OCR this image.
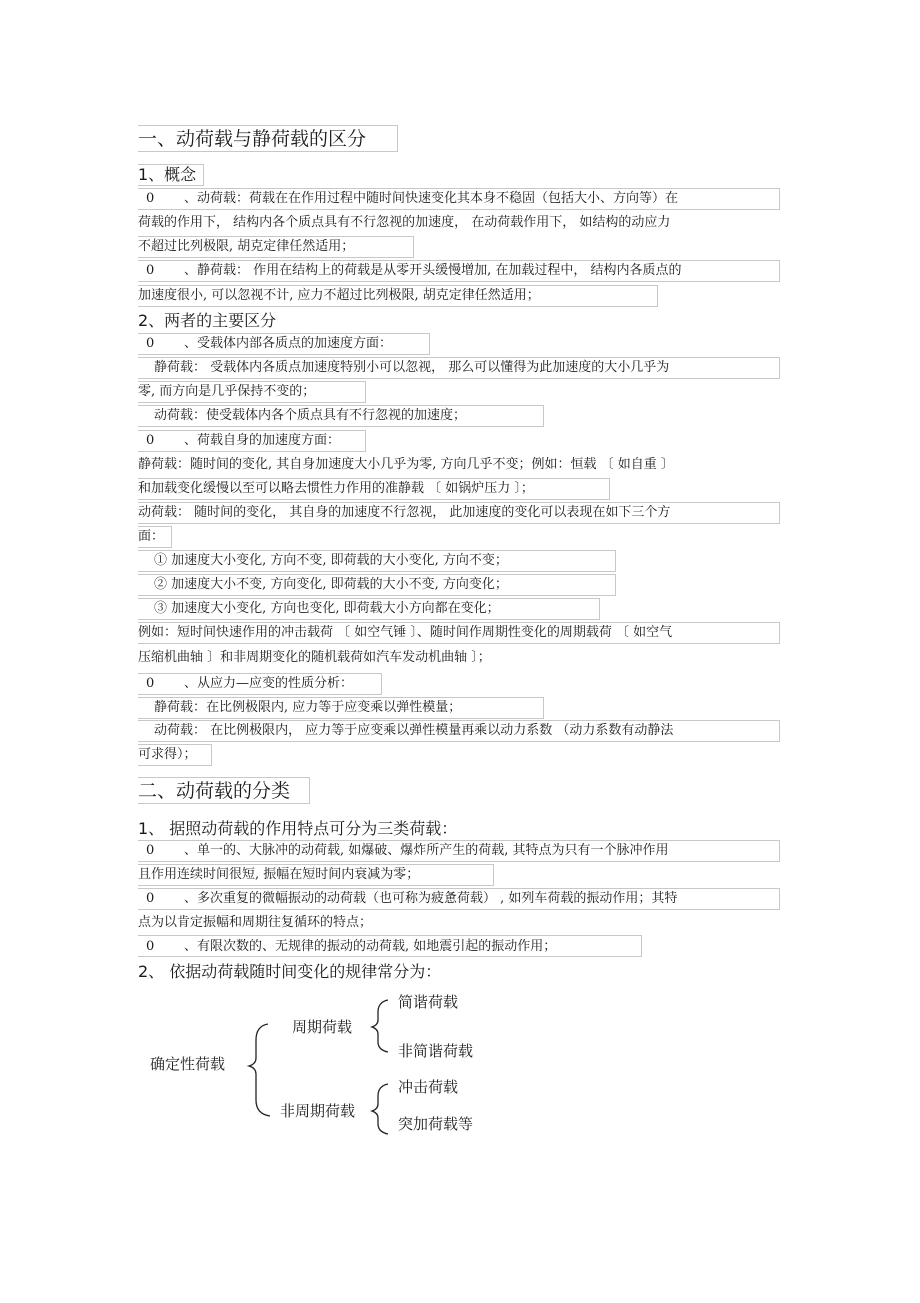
一、动荷载与静荷载的区分
1、概念
0 、动荷载：荷载在在作用过程中随时间快速变化其本身不稳固（包括大小、方向等）在
荷载的作用下， 结构内各个质点具有不行忽视的加速度， 在动荷载作用下， 如结构的动应力
不超过比列极限, 胡克定律任然适用；
0 、静荷载： 作用在结构上的荷载是从零开头缓慢增加, 在加载过程中， 结构内各质点的
加速度很小, 可以忽视不计, 应力不超过比列极限, 胡克定律任然适用；
2、两者的主要区分
0 、受载体内部各质点的加速度方面：
静荷载： 受载体内各质点加速度特别小可以忽视， 那么可以懂得为此加速度的大小几乎为
零, 而方向是几乎保持不变的；
动荷载：使受载体内各个质点具有不行忽视的加速度；
0 、荷载自身的加速度方面：
静荷载：随时间的变化, 其自身加速度大小几乎为零, 方向几乎不变；例如：恒载 〔 如自重 〕
和加载变化缓慢以至可以略去惯性力作用的准静载 〔 如锅炉压力 〕；
动荷载： 随时间的变化， 其自身的加速度不行忽视， 此加速度的变化可以表现在如下三个方
面：
① 加速度大小变化, 方向不变, 即荷载的大小变化, 方向不变；
② 加速度大小不变, 方向变化, 即荷载的大小不变, 方向变化；
③ 加速度大小变化, 方向也变化, 即荷载大小方向都在变化；
例如：短时间快速作用的冲击载荷 〔 如空气锤 〕、随时间作周期性变化的周期载荷 〔 如空气
压缩机曲轴 〕和非周期变化的随机载荷如汽车发动机曲轴 〕；
0 、从应力—应变的性质分析：
静荷载：在比例极限内, 应力等于应变乘以弹性模量；
动荷载： 在比例极限内， 应力等于应变乘以弹性模量再乘以动力系数 （动力系数有动静法
可求得）；
二、动荷载的分类
1、 据照动荷载的作用特点可分为三类荷载：
0 、单一的、大脉冲的动荷载, 如爆破、爆炸所产生的荷载, 其特点为只有一个脉冲作用
且作用连续时间很短, 振幅在短时间内衰减为零；
0 、多次重复的微幅振动的动荷载（也可称为疲惫荷载） , 如列车荷载的振动作用；其特
点为以肯定振幅和周期往复循环的特点；
0 、有限次数的、无规律的振动的动荷载, 如地震引起的振动作用；
2、 依据动荷载随时间变化的规律常分为：
确定性荷载
周期荷载
简谐荷载
非简谐荷载
非周期荷载
冲击荷载
突加荷载等
